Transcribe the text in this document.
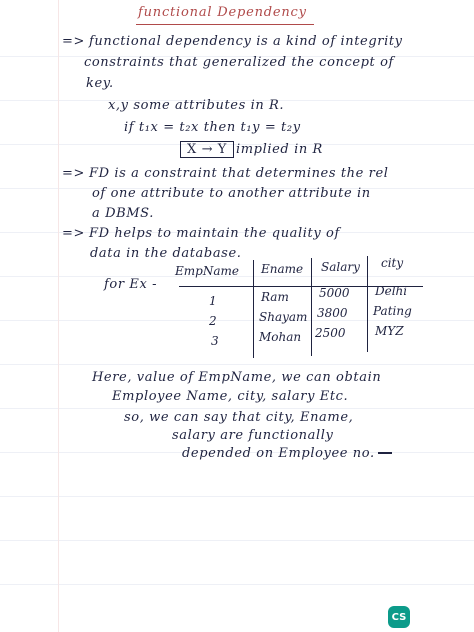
functional Dependency
=> functional dependency is a kind of integrity
constraints that generalized the concept of
key.
x,y some attributes in R.
if t₁x = t₂x then t₁y = t₂y
X → Y implied in R
=> FD is a constraint that determines the rel
of one attribute to another attribute in
a DBMS.
=> FD helps to maintain the quality of
data in the database.
for Ex -
EmpName Ename Salary city
1	Ram	5000 Delhi
2	Shayam 3800 Pating
3	Mohan 2500 MYZ
Here, value of EmpName, we can obtain
Employee Name, city, salary Etc.
so, we can say that city, Ename,
salary are functionally
depended on Employee no.
CS
